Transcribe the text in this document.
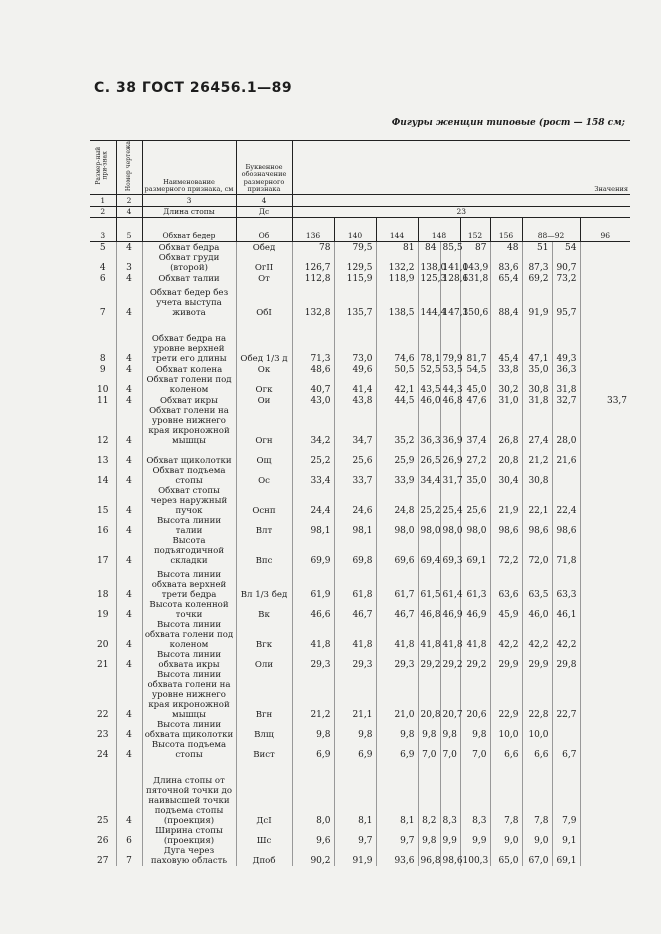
С. 38 ГОСТ 26456.1—89
Фигуры женщин типовые (рост — 158 см;
Размер-ный при-знак	Номер чертежа	Наименование размерного признака, см	Буквенное обозначение размерного признака	Значения									
1	2	3	4										
2	4	Длина стопы	Дс	23									
3	5	Обхват бедер	Об	136	140	144	148		152	156	88—92		96
5	4	Обхват бедра	Обед	78	79,5	81	84	85,5	87	48	51	54	
4	3	Обхват груди (второй)	ОгII	126,7	129,5	132,2	138,0	141,0	143,9	83,6	87,3	90,7	
6	4	Обхват талии	От	112,8	115,9	118,9	125,3	128,6	131,8	65,4	69,2	73,2	
7	4	Обхват бедер без учета выступа живота	ОбI	132,8	135,7	138,5	144,4	147,3	150,6	88,4	91,9	95,7	
8	4	Обхват бедра на уровне верхней трети его длины	Обед 1/3 д	71,3	73,0	74,6	78,1	79,9	81,7	45,4	47,1	49,3	
9	4	Обхват колена	Ок	48,6	49,6	50,5	52,5	53,5	54,5	33,8	35,0	36,3	
10	4	Обхват голени под коленом	Огк	40,7	41,4	42,1	43,5	44,3	45,0	30,2	30,8	31,8	
11	4	Обхват икры	Ои	43,0	43,8	44,5	46,0	46,8	47,6	31,0	31,8	32,7	33,7
12	4	Обхват голени на уровне нижнего края икроножной мышцы	Огн	34,2	34,7	35,2	36,3	36,9	37,4	26,8	27,4	28,0	
13	4	Обхват щиколотки	Ощ	25,2	25,6	25,9	26,5	26,9	27,2	20,8	21,2	21,6	
14	4	Обхват подъема стопы	Ос	33,4	33,7	33,9	34,4	31,7	35,0	30,4	30,8		
15	4	Обхват стопы через наружный пучок	Оснп	24,4	24,6	24,8	25,2	25,4	25,6	21,9	22,1	22,4	
16	4	Высота линии талии	Влт	98,1	98,1	98,0	98,0	98,0	98,0	98,6	98,6	98,6	
17	4	Высота подъягодичной складки	Впс	69,9	69,8	69,6	69,4	69,3	69,1	72,2	72,0	71,8	
18	4	Высота линии обхвата верхней трети бедра	Вл 1/3 бед	61,9	61,8	61,7	61,5	61,4	61,3	63,6	63,5	63,3	
19	4	Высота коленной точки	Вк	46,6	46,7	46,7	46,8	46,9	46,9	45,9	46,0	46,1	
20	4	Высота линии обхвата голени под коленом	Вгк	41,8	41,8	41,8	41,8	41,8	41,8	42,2	42,2	42,2	
21	4	Высота линии обхвата икры	Оли	29,3	29,3	29,3	29,2	29,2	29,2	29,9	29,9	29,8	
22	4	Высота линии обхвата голени на уровне нижнего края икроножной мышцы	Вгн	21,2	21,1	21,0	20,8	20,7	20,6	22,9	22,8	22,7	
23	4	Высота линии обхвата щиколотки	Влщ	9,8	9,8	9,8	9,8	9,8	9,8	10,0	10,0		
24	4	Высота подъема стопы	Вист	6,9	6,9	6,9	7,0	7,0	7,0	6,6	6,6	6,7	
25	4	Длина стопы от пяточной точки до наивысшей точки подъема стопы (проекция)	ДсI	8,0	8,1	8,1	8,2	8,3	8,3	7,8	7,8	7,9	
26	6	Ширина стопы (проекция)	Шс	9,6	9,7	9,7	9,8	9,9	9,9	9,0	9,0	9,1	
27	7	Дуга через паховую область	Дпоб	90,2	91,9	93,6	96,8	98,6	100,3	65,0	67,0	69,1	
